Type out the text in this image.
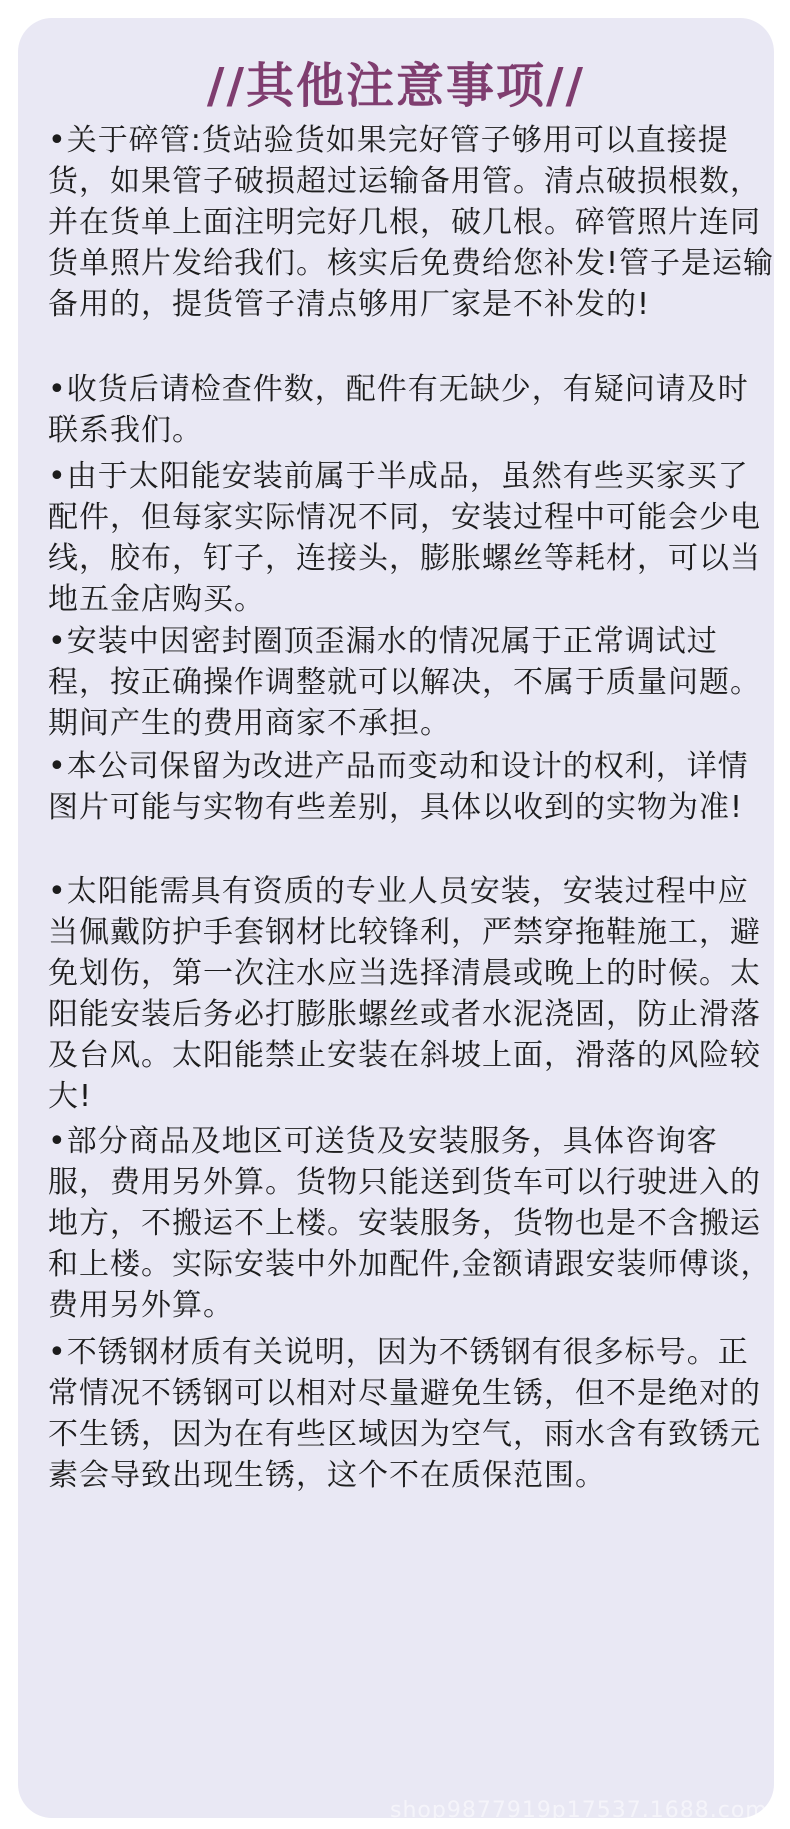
//其他注意事项//
•关于碎管:货站验货如果完好管子够用可以直接提货，如果管子破损超过运输备用管。清点破损根数，并在货单上面注明完好几根，破几根。碎管照片连同货单照片发给我们。核实后免费给您补发!管子是运输备用的，提货管子清点够用厂家是不补发的!
•收货后请检查件数，配件有无缺少，有疑问请及时联系我们。
•由于太阳能安装前属于半成品，虽然有些买家买了配件，但每家实际情况不同，安装过程中可能会少电线，胶布，钉子，连接头，膨胀螺丝等耗材，可以当地五金店购买。
•安装中因密封圈顶歪漏水的情况属于正常调试过程，按正确操作调整就可以解决，不属于质量问题。期间产生的费用商家不承担。
•本公司保留为改进产品而变动和设计的权利，详情图片可能与实物有些差别，具体以收到的实物为准!
•太阳能需具有资质的专业人员安装，安装过程中应当佩戴防护手套钢材比较锋利，严禁穿拖鞋施工，避免划伤，第一次注水应当选择清晨或晚上的时候。太阳能安装后务必打膨胀螺丝或者水泥浇固，防止滑落及台风。太阳能禁止安装在斜坡上面，滑落的风险较大!
•部分商品及地区可送货及安装服务，具体咨询客服，费用另外算。货物只能送到货车可以行驶进入的地方，不搬运不上楼。安装服务，货物也是不含搬运和上楼。实际安装中外加配件,金额请跟安装师傅谈，费用另外算。
•不锈钢材质有关说明，因为不锈钢有很多标号。正常情况不锈钢可以相对尽量避免生锈，但不是绝对的不生锈，因为在有些区域因为空气，雨水含有致锈元素会导致出现生锈，这个不在质保范围。
shop9877919p17537.1688.com
